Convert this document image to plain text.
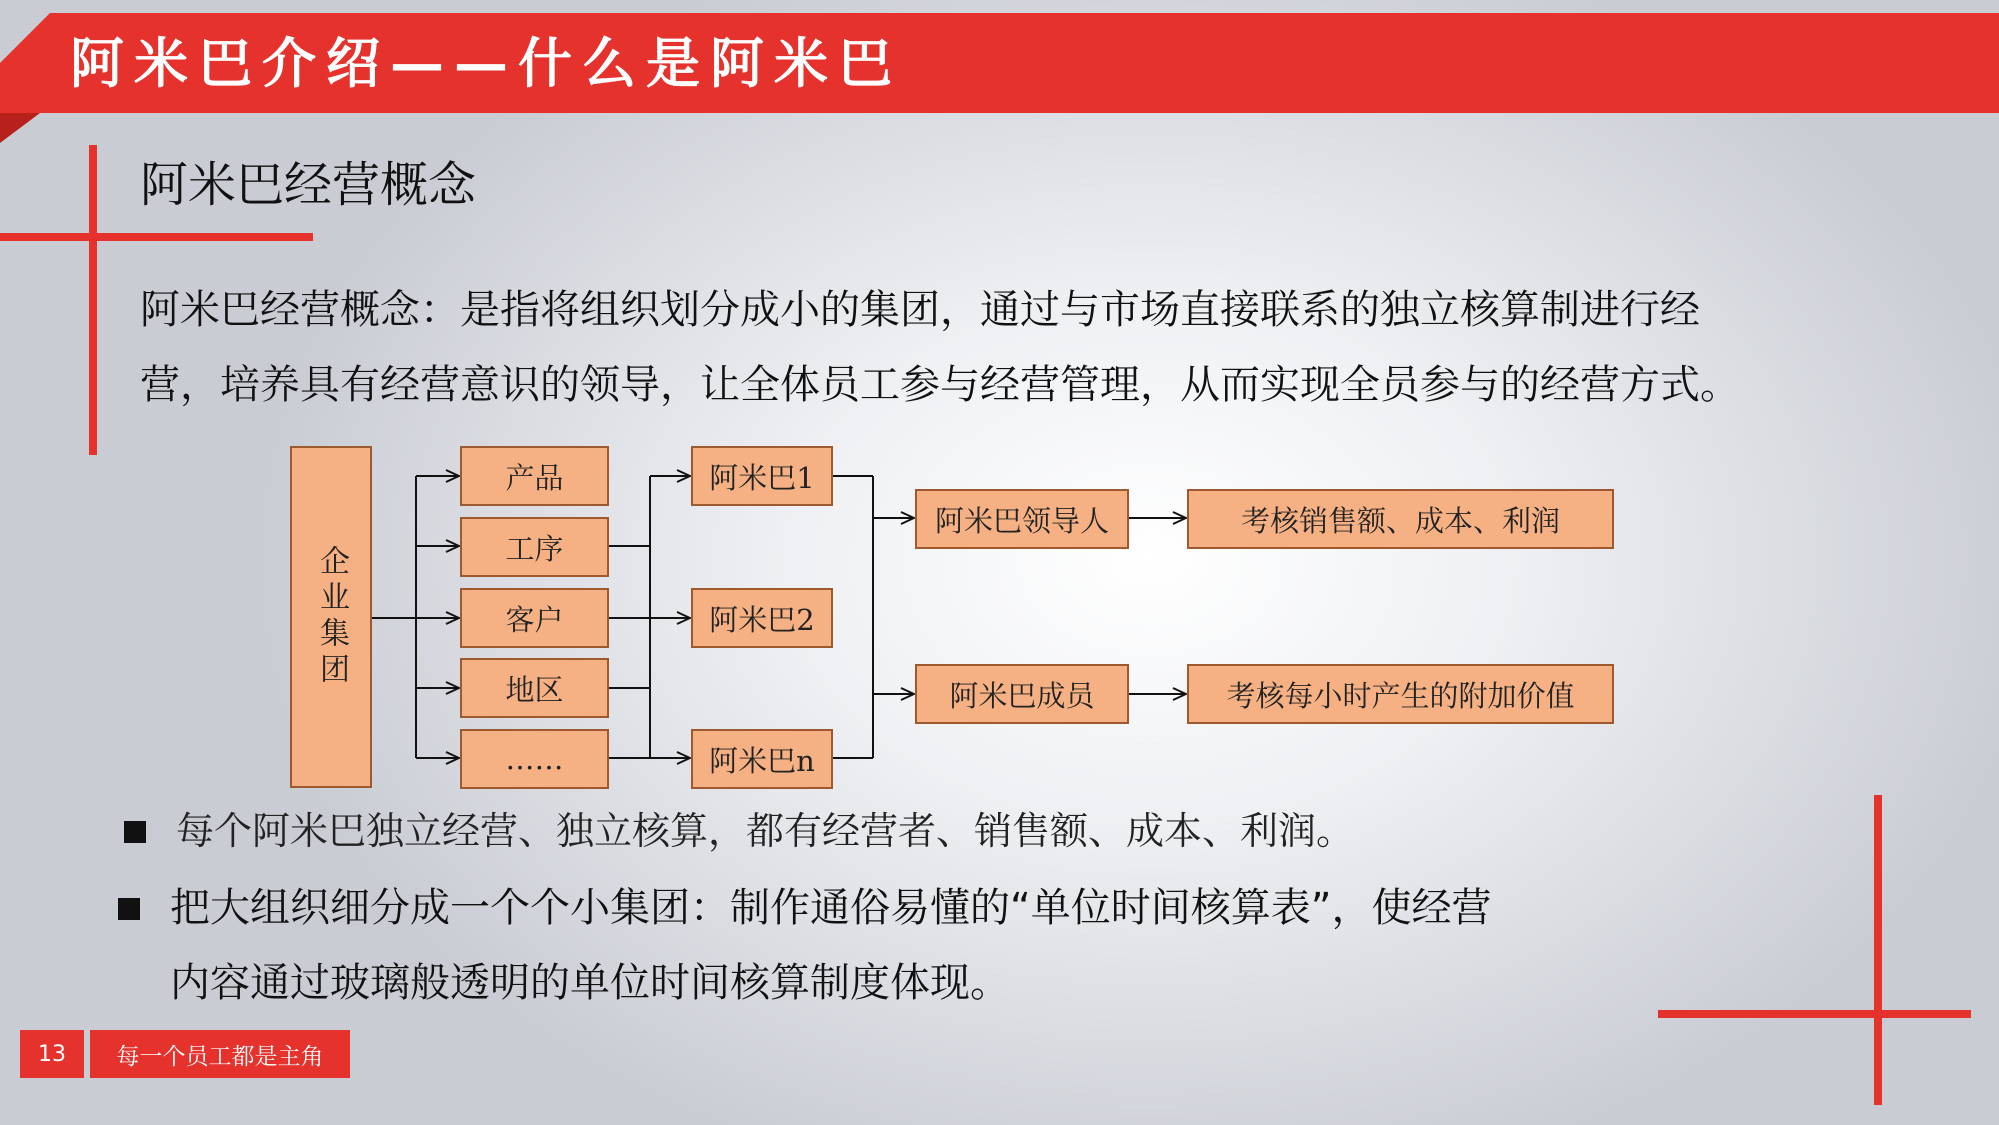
阿米巴介绍——什么是阿米巴
阿米巴经营概念
阿米巴经营概念：是指将组织划分成小的集团，通过与市场直接联系的独立核算制进行经
营，培养具有经营意识的领导，让全体员工参与经营管理，从而实现全员参与的经营方式。
企业集团
产品
工序
客户
地区
……
阿米巴1
阿米巴2
阿米巴n
阿米巴领导人
阿米巴成员
考核销售额、成本、利润
考核每小时产生的附加价值
每个阿米巴独立经营、独立核算，都有经营者、销售额、成本、利润。
把大组织细分成一个个小集团：制作通俗易懂的“单位时间核算表”，使经营
内容通过玻璃般透明的单位时间核算制度体现。
13	每一个员工都是主角
